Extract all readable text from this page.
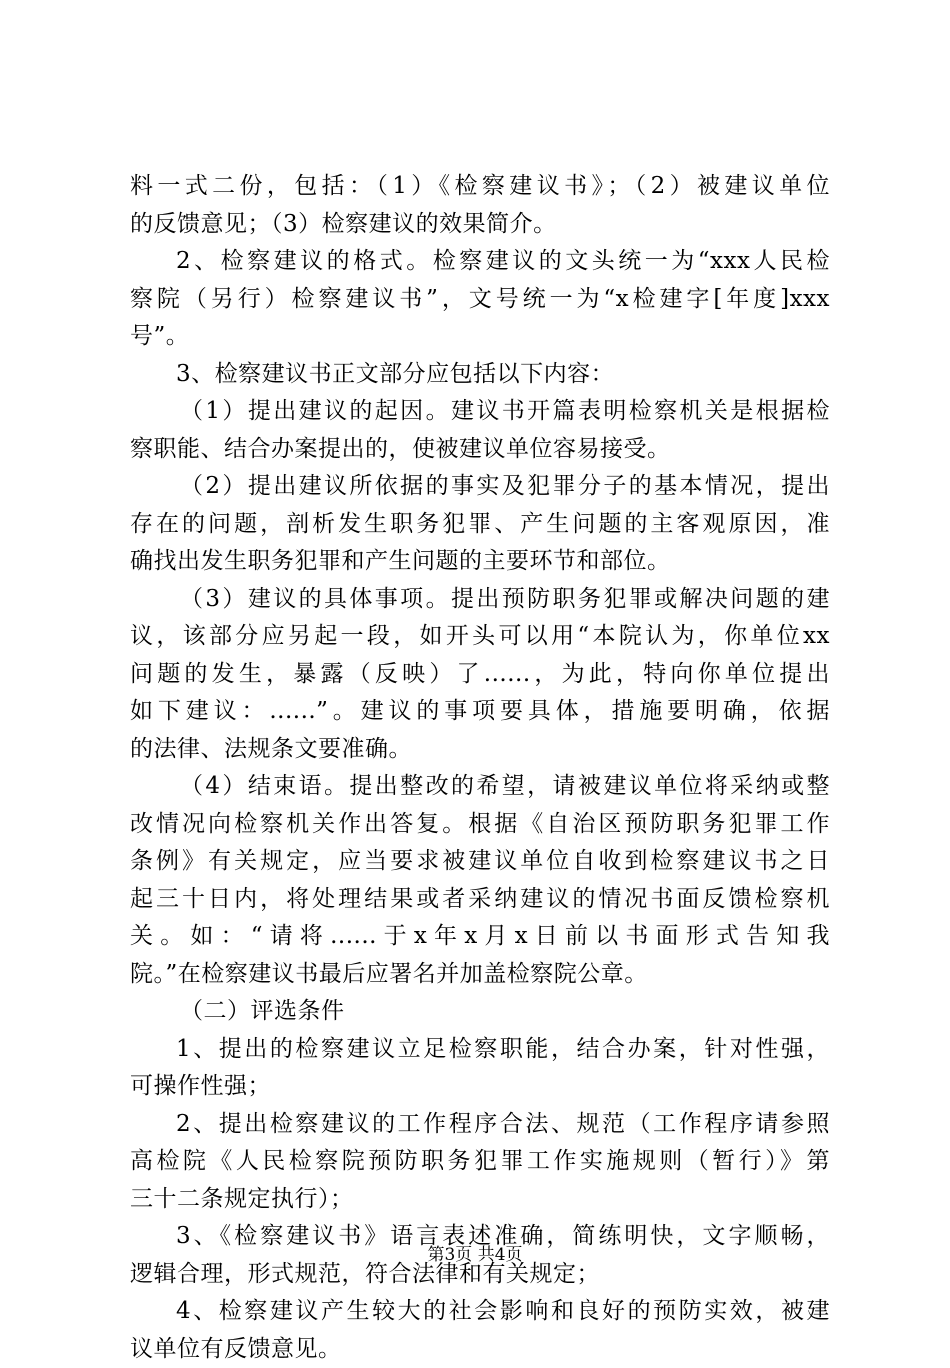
料一式二份，包括：（1）《检察建议书》；（2）被建议单位
的反馈意见；（3）检察建议的效果简介。
2、检察建议的格式。检察建议的文头统一为“xxx人民检
察院（另行）检察建议书”，文号统一为“x检建字[年度]xxx
号”。
3、检察建议书正文部分应包括以下内容：
（1）提出建议的起因。建议书开篇表明检察机关是根据检
察职能、结合办案提出的，使被建议单位容易接受。
（2）提出建议所依据的事实及犯罪分子的基本情况，提出
存在的问题，剖析发生职务犯罪、产生问题的主客观原因，准
确找出发生职务犯罪和产生问题的主要环节和部位。
（3）建议的具体事项。提出预防职务犯罪或解决问题的建
议，该部分应另起一段，如开头可以用“本院认为，你单位xx
问题的发生，暴露（反映）了......，为此，特向你单位提出
如下建议：......”。建议的事项要具体，措施要明确，依据
的法律、法规条文要准确。
（4）结束语。提出整改的希望，请被建议单位将采纳或整
改情况向检察机关作出答复。根据《自治区预防职务犯罪工作
条例》有关规定，应当要求被建议单位自收到检察建议书之日
起三十日内，将处理结果或者采纳建议的情况书面反馈检察机
关。如：“请将......于x年x月x日前以书面形式告知我
院。”在检察建议书最后应署名并加盖检察院公章。
（二）评选条件
1、提出的检察建议立足检察职能，结合办案，针对性强，
可操作性强；
2、提出检察建议的工作程序合法、规范（工作程序请参照
高检院《人民检察院预防职务犯罪工作实施规则（暂行）》第
三十二条规定执行）；
3、《检察建议书》语言表述准确，简练明快，文字顺畅，
逻辑合理，形式规范，符合法律和有关规定；
4、检察建议产生较大的社会影响和良好的预防实效，被建
议单位有反馈意见。
第3页 共4页
